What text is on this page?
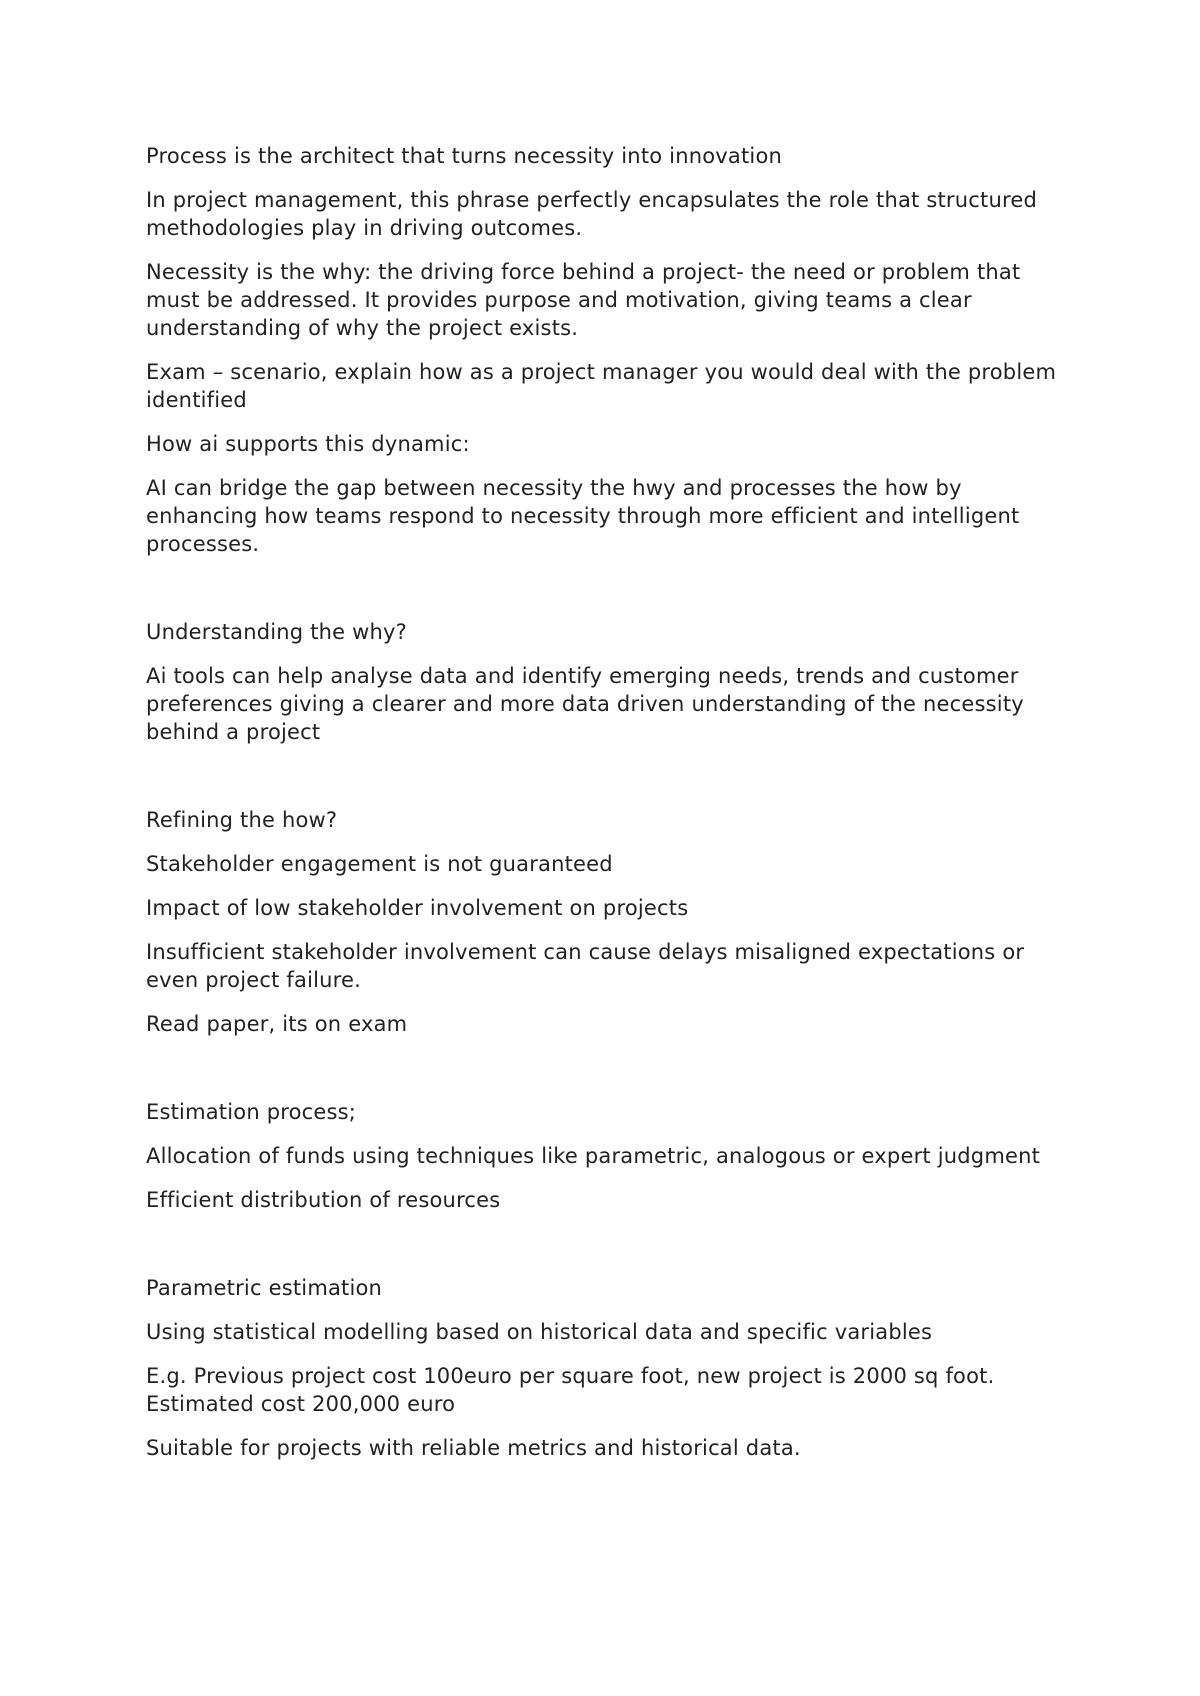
Process is the architect that turns necessity into innovation

In project management, this phrase perfectly encapsulates the role that structured methodologies play in driving outcomes.

Necessity is the why: the driving force behind a project- the need or problem that must be addressed. It provides purpose and motivation, giving teams a clear understanding of why the project exists.

Exam – scenario, explain how as a project manager you would deal with the problem identified

How ai supports this dynamic:

AI can bridge the gap between necessity the hwy and processes the how by enhancing how teams respond to necessity through more efficient and intelligent processes.

Understanding the why?

Ai tools can help analyse data and identify emerging needs, trends and customer preferences giving a clearer and more data driven understanding of the necessity behind a project

Refining the how?

Stakeholder engagement is not guaranteed

Impact of low stakeholder involvement on projects

Insufficient stakeholder involvement can cause delays misaligned expectations or even project failure.

Read paper, its on exam

Estimation process;

Allocation of funds using techniques like parametric, analogous or expert judgment

Efficient distribution of resources

Parametric estimation

Using statistical modelling based on historical data and specific variables

E.g. Previous project cost 100euro per square foot, new project is 2000 sq foot. Estimated cost 200,000 euro

Suitable for projects with reliable metrics and historical data.
